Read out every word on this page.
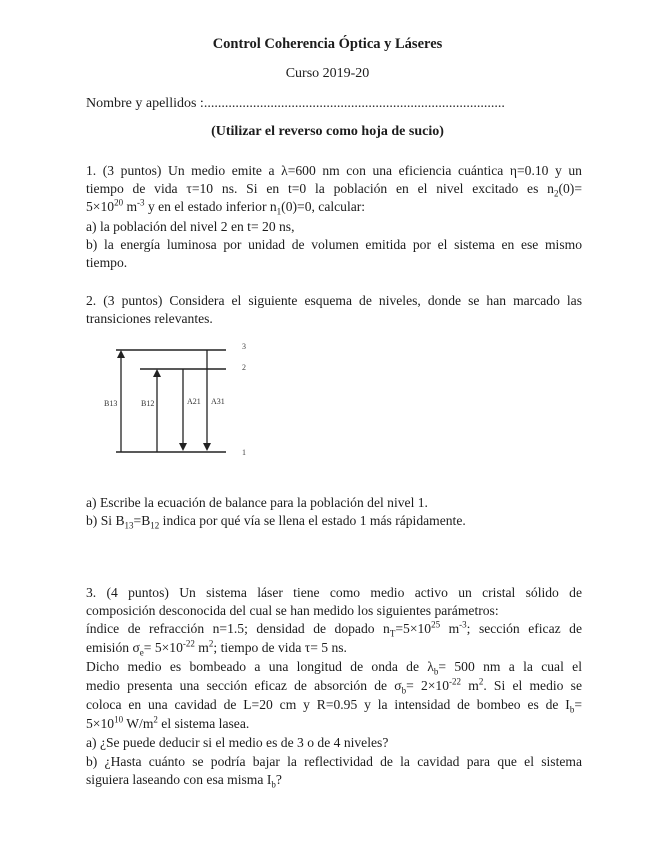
Control Coherencia Óptica y Láseres
Curso 2019-20
Nombre y apellidos :......................................................................................
(Utilizar el reverso como hoja de sucio)
1. (3 puntos) Un medio emite a λ=600 nm con una eficiencia cuántica η=0.10 y un
tiempo de vida τ=10 ns. Si en t=0 la población en el nivel excitado es $n_2(0)=$
$5\times 10^{20}$ $m^{-3}$ y en el estado inferior $n_1(0)=0$, calcular:
a) la población del nivel 2 en t= 20 ns,
b) la energía luminosa por unidad de volumen emitida por el sistema en ese mismo
tiempo.
2. (3 puntos) Considera el siguiente esquema de niveles, donde se han marcado las
transiciones relevantes.
3
2
1
B13	B12	A21 A31
a) Escribe la ecuación de balance para la población del nivel 1.
b) Si $B_{13}=B_{12}$ indica por qué vía se llena el estado 1 más rápidamente.
3. (4 puntos) Un sistema láser tiene como medio activo un cristal sólido de
composición desconocida del cual se han medido los siguientes parámetros:
índice de refracción n=1.5; densidad de dopado $n_T=5\times 10^{25}$ $m^{-3}$; sección eficaz de
emisión $\sigma_e= 5\times 10^{-22}$ $m^2$; tiempo de vida τ= 5 ns.
Dicho medio es bombeado a una longitud de onda de $\lambda_b= 500$ nm a la cual el
medio presenta una sección eficaz de absorción de $\sigma_b= 2\times 10^{-22}$ $m^2$. Si el medio se
coloca en una cavidad de L=20 cm y R=0.95 y la intensidad de bombeo es de $I_b=$
$5\times 10^{10}$ $W/m^2$ el sistema lasea.
a) ¿Se puede deducir si el medio es de 3 o de 4 niveles?
b) ¿Hasta cuánto se podría bajar la reflectividad de la cavidad para que el sistema
siguiera laseando con esa misma $I_b$?
